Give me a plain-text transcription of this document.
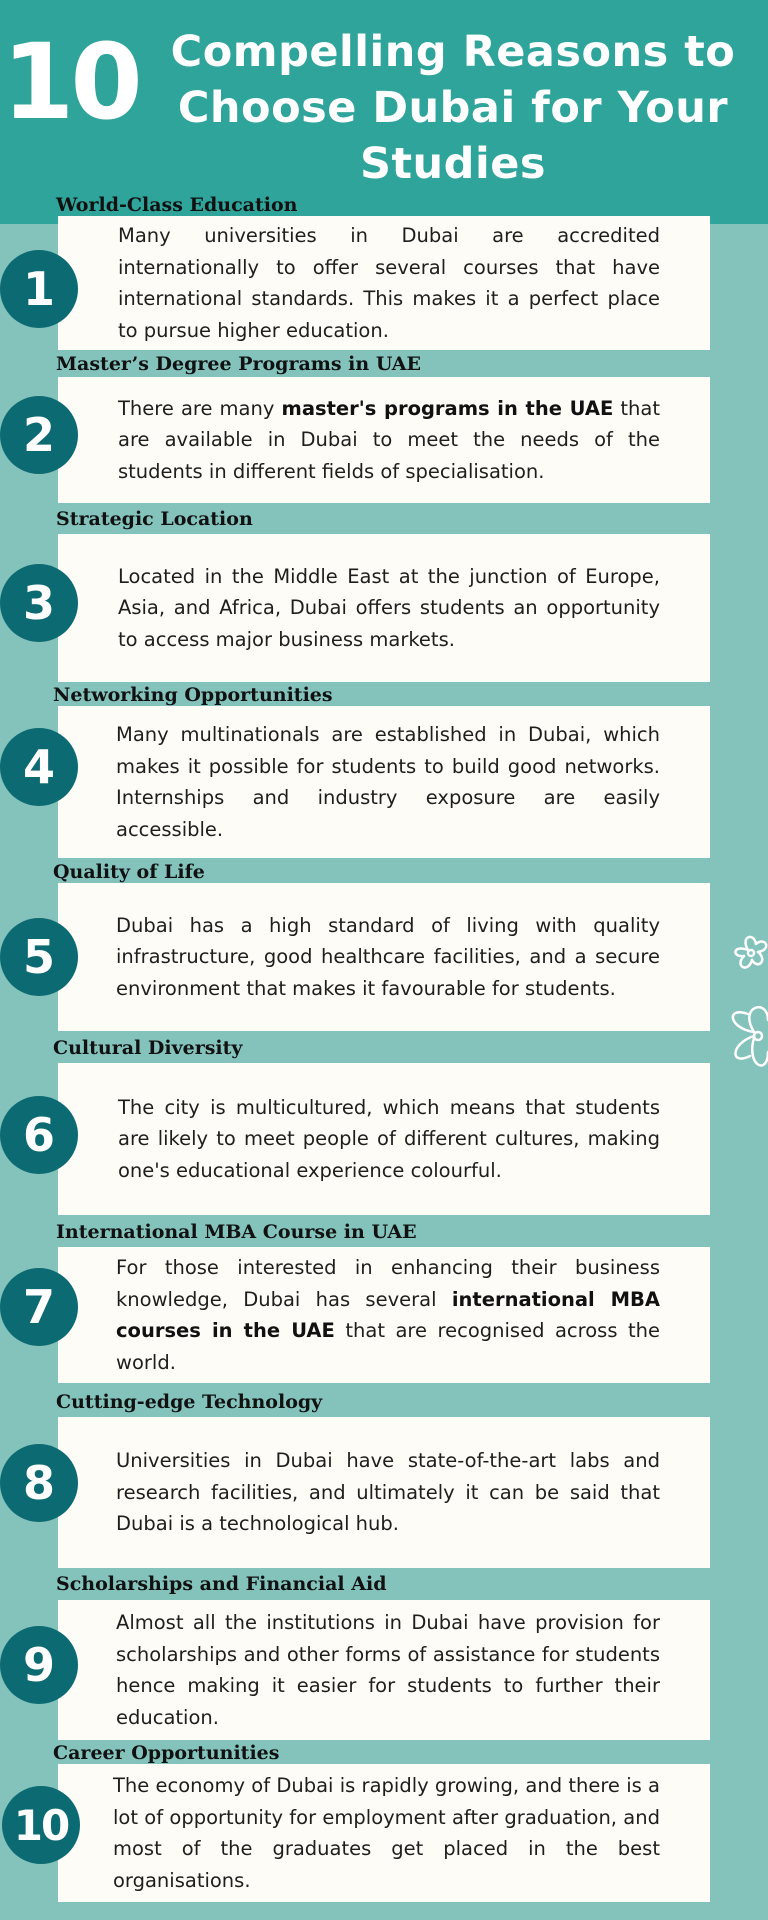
10 Compelling Reasons to Choose Dubai for Your Studies
World-Class Education

Many universities in Dubai are accredited internationally to offer several courses that have international standards. This makes it a perfect place to pursue higher education.

1
Master’s Degree Programs in UAE

There are many master's programs in the UAE that are available in Dubai to meet the needs of the students in different fields of specialisation.

2
Strategic Location

Located in the Middle East at the junction of Europe, Asia, and Africa, Dubai offers students an opportunity to access major business markets.

3
Networking Opportunities

Many multinationals are established in Dubai, which makes it possible for students to build good networks. Internships and industry exposure are easily accessible.

4
Quality of Life

Dubai has a high standard of living with quality infrastructure, good healthcare facilities, and a secure environment that makes it favourable for students.

5
Cultural Diversity

The city is multicultured, which means that students are likely to meet people of different cultures, making one's educational experience colourful.

6
International MBA Course in UAE

For those interested in enhancing their business knowledge, Dubai has several international MBA courses in the UAE that are recognised across the world.

7
Cutting-edge Technology

Universities in Dubai have state-of-the-art labs and research facilities, and ultimately it can be said that Dubai is a technological hub.

8
Scholarships and Financial Aid

Almost all the institutions in Dubai have provision for scholarships and other forms of assistance for students hence making it easier for students to further their education.

9
Career Opportunities

The economy of Dubai is rapidly growing, and there is a lot of opportunity for employment after graduation, and most of the graduates get placed in the best organisations.

10
